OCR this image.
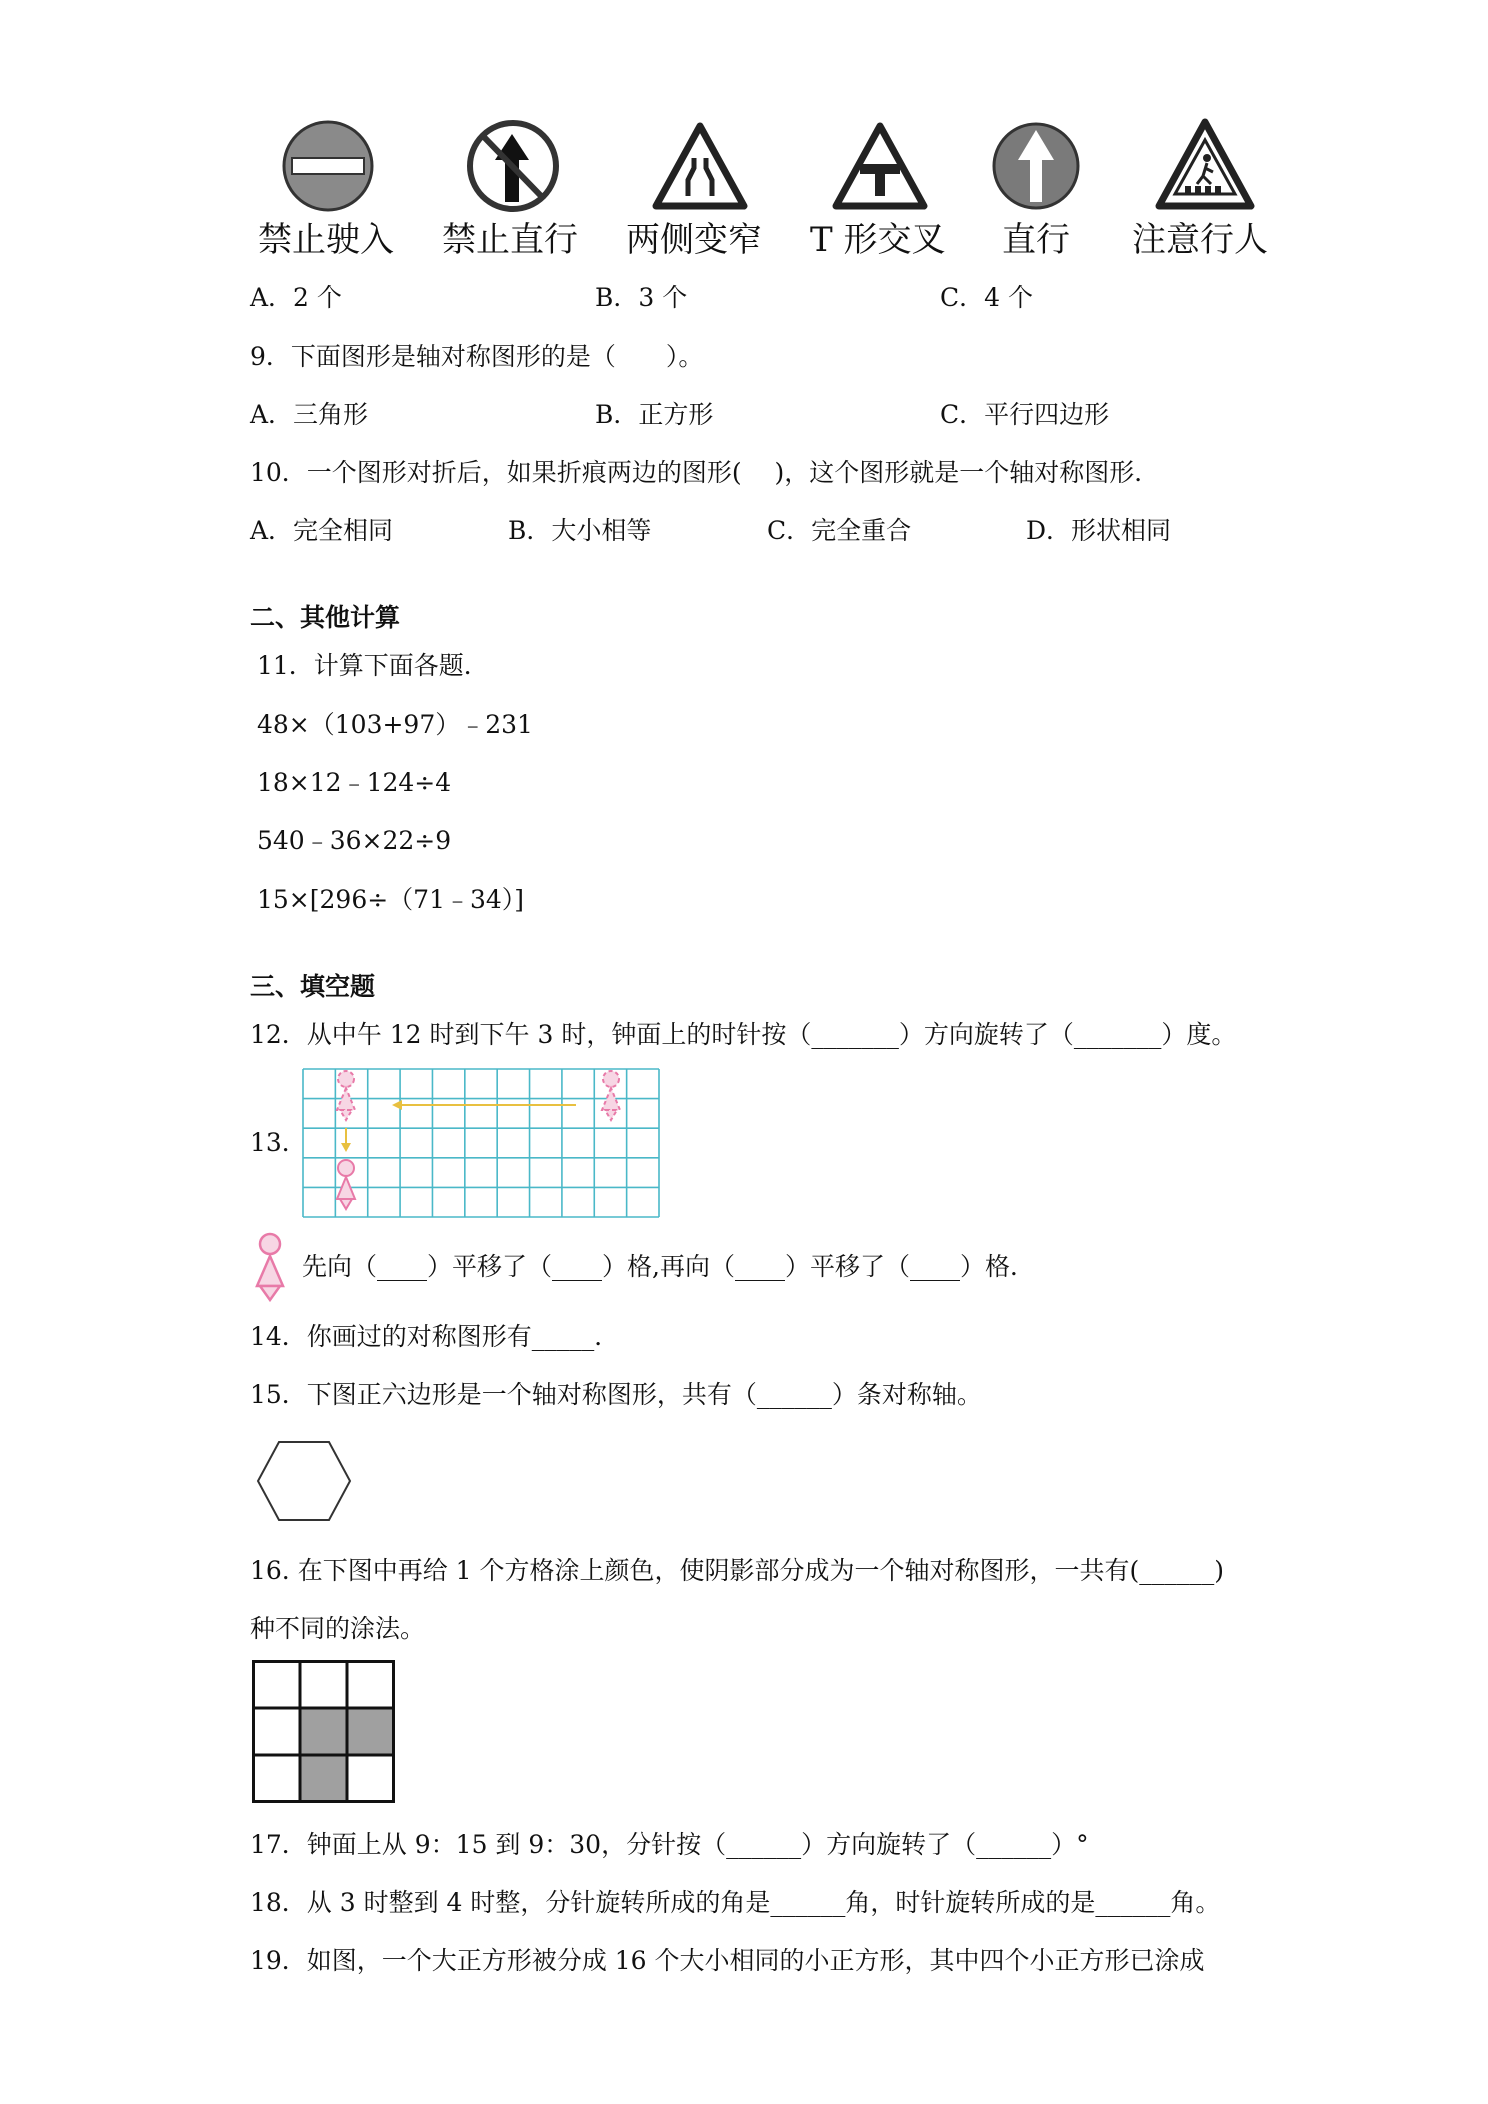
禁止驶入 禁止直行 两侧变窄 T 形交叉 直行 注意行人
A．2 个	B．3 个	C．4 个
9．下面图形是轴对称图形的是（　　）。
A．三角形	B．正方形	C．平行四边形
10．一个图形对折后，如果折痕两边的图形(　 )，这个图形就是一个轴对称图形．
A．完全相同	B．大小相等	C．完全重合	D．形状相同
二、其他计算
11．计算下面各题．
48×（103+97）﹣231
18×12﹣124÷4
540﹣36×22÷9
15×[296÷（71﹣34）]
三、填空题
12．从中午 12 时到下午 3 时，钟面上的时针按（_______）方向旋转了（_______）度。
13．
先向（____）平移了（____）格,再向（____）平移了（____）格．
14．你画过的对称图形有_____．
15．下图正六边形是一个轴对称图形，共有（______）条对称轴。
16. 在下图中再给 1 个方格涂上颜色，使阴影部分成为一个轴对称图形，一共有(______)
种不同的涂法。
17．钟面上从 9：15 到 9：30，分针按（______）方向旋转了（______）°
18．从 3 时整到 4 时整，分针旋转所成的角是______角，时针旋转所成的是______角。
19．如图，一个大正方形被分成 16 个大小相同的小正方形，其中四个小正方形已涂成
